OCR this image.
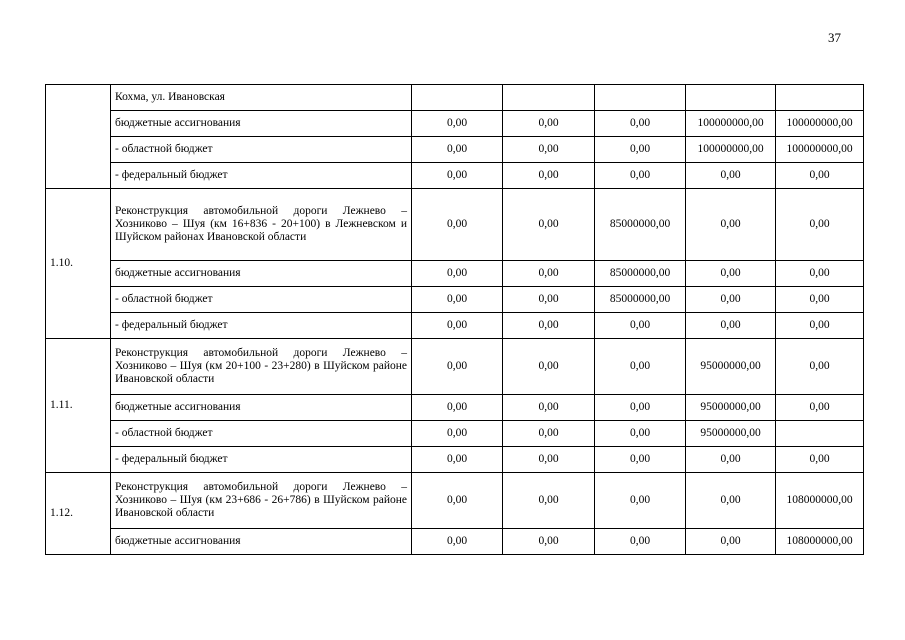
37
	Кохма, ул. Ивановская					
	бюджетные ассигнования	0,00	0,00	0,00	100000000,00	100000000,00
	- областной бюджет	0,00	0,00	0,00	100000000,00	100000000,00
	- федеральный бюджет	0,00	0,00	0,00	0,00	0,00
1.10.	Реконструкция автомобильной дороги Лежнево – Хозниково – Шуя (км 16+836 - 20+100) в Лежневском и Шуйском районах Ивановской области	0,00	0,00	85000000,00	0,00	0,00
	бюджетные ассигнования	0,00	0,00	85000000,00	0,00	0,00
	- областной бюджет	0,00	0,00	85000000,00	0,00	0,00
	- федеральный бюджет	0,00	0,00	0,00	0,00	0,00
1.11.	Реконструкция автомобильной дороги Лежнево – Хозниково – Шуя (км 20+100 - 23+280) в Шуйском районе Ивановской области	0,00	0,00	0,00	95000000,00	0,00
	бюджетные ассигнования	0,00	0,00	0,00	95000000,00	0,00
	- областной бюджет	0,00	0,00	0,00	95000000,00	
	- федеральный бюджет	0,00	0,00	0,00	0,00	0,00
1.12.	Реконструкция автомобильной дороги Лежнево – Хозниково – Шуя (км 23+686 - 26+786) в Шуйском районе Ивановской области	0,00	0,00	0,00	0,00	108000000,00
	бюджетные ассигнования	0,00	0,00	0,00	0,00	108000000,00
